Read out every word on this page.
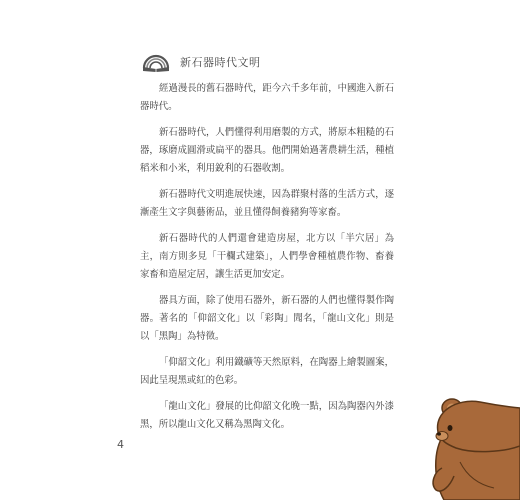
新石器時代文明

經過漫長的舊石器時代，距今六千多年前，中國進入新石器時代。

新石器時代，人們懂得利用磨製的方式，將原本粗糙的石器，琢磨成圓滑或扁平的器具。他們開始過著農耕生活，種植稻米和小米，利用銳利的石器收割。

新石器時代文明進展快速，因為群聚村落的生活方式，逐漸產生文字與藝術品，並且懂得飼養豬狗等家畜。

新石器時代的人們還會建造房屋，北方以「半穴居」為主，南方則多見「干欄式建築」，人們學會種植農作物、畜養家畜和造屋定居，讓生活更加安定。

器具方面，除了使用石器外，新石器的人們也懂得製作陶器。著名的「仰韶文化」以「彩陶」聞名，「龍山文化」則是以「黑陶」為特徵。

「仰韶文化」利用鐵礦等天然原料，在陶器上繪製圖案，因此呈現黑或紅的色彩。

「龍山文化」發展的比仰韶文化晚一點，因為陶器內外漆黑，所以龍山文化又稱為黑陶文化。

4
